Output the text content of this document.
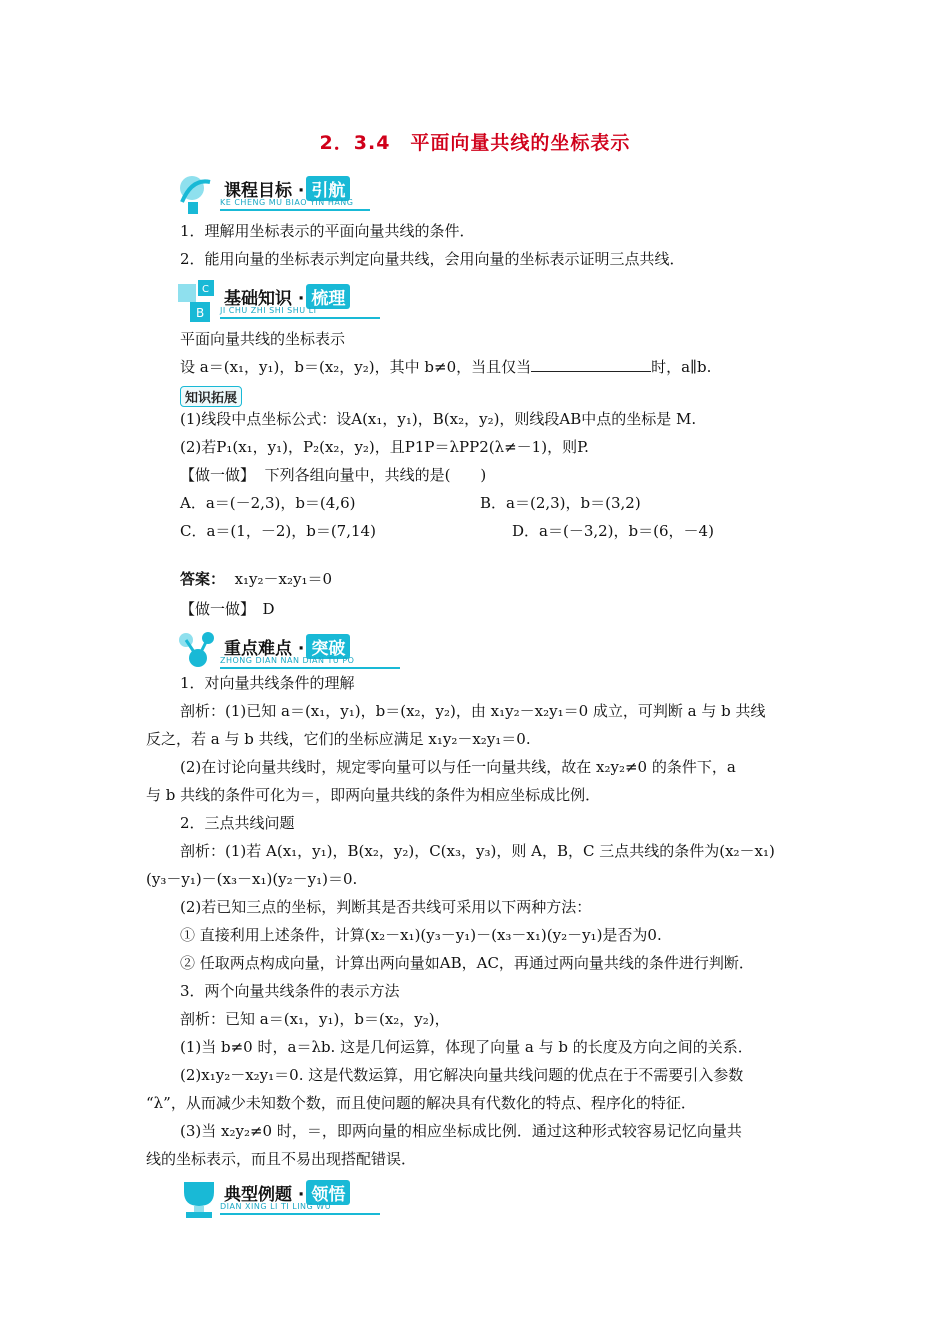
2．3.4　平面向量共线的坐标表示
课程目标 · 引航
KE CHENG MU BIAO YIN HANG
1．理解用坐标表示的平面向量共线的条件．
2．能用向量的坐标表示判定向量共线，会用向量的坐标表示证明三点共线．
C
B
基础知识 · 梳理
JI CHU ZHI SHI SHU LI
平面向量共线的坐标表示
设 a＝(x₁，y₁)，b＝(x₂，y₂)，其中 b≠0，当且仅当	时，a∥b.
知识拓展
(1)线段中点坐标公式：设A(x₁，y₁)，B(x₂，y₂)，则线段AB中点的坐标是 M.
(2)若P₁(x₁，y₁)，P₂(x₂，y₂)，且P1P＝λPP2(λ≠－1)，则P.
【做一做】 下列各组向量中，共线的是(　　)
A．a＝(－2,3)，b＝(4,6)	B．a＝(2,3)，b＝(3,2)
C．a＝(1，－2)，b＝(7,14)	D．a＝(－3,2)，b＝(6，－4)
答案： x₁y₂－x₂y₁＝0
【做一做】　D
重点难点 · 突破
ZHONG DIAN NAN DIAN TU PO
1．对向量共线条件的理解
剖析：(1)已知 a＝(x₁，y₁)，b＝(x₂，y₂)，由 x₁y₂－x₂y₁＝0 成立，可判断 a 与 b 共线
反之，若 a 与 b 共线，它们的坐标应满足 x₁y₂－x₂y₁＝0.
(2)在讨论向量共线时，规定零向量可以与任一向量共线，故在 x₂y₂≠0 的条件下，a
与 b 共线的条件可化为＝，即两向量共线的条件为相应坐标成比例．
2．三点共线问题
剖析：(1)若 A(x₁，y₁)，B(x₂，y₂)，C(x₃，y₃)，则 A，B，C 三点共线的条件为(x₂－x₁)
(y₃－y₁)－(x₃－x₁)(y₂－y₁)＝0.
(2)若已知三点的坐标，判断其是否共线可采用以下两种方法：
① 直接利用上述条件，计算(x₂－x₁)(y₃－y₁)－(x₃－x₁)(y₂－y₁)是否为0.
② 任取两点构成向量，计算出两向量如AB，AC，再通过两向量共线的条件进行判断．
3．两个向量共线条件的表示方法
剖析：已知 a＝(x₁，y₁)，b＝(x₂，y₂)，
(1)当 b≠0 时，a＝λb. 这是几何运算，体现了向量 a 与 b 的长度及方向之间的关系．
(2)x₁y₂－x₂y₁＝0. 这是代数运算，用它解决向量共线问题的优点在于不需要引入参数
“λ”，从而减少未知数个数，而且使问题的解决具有代数化的特点、程序化的特征．
(3)当 x₂y₂≠0 时，＝，即两向量的相应坐标成比例．通过这种形式较容易记忆向量共
线的坐标表示，而且不易出现搭配错误．
典型例题 · 领悟
DIAN XING LI TI LING WU
